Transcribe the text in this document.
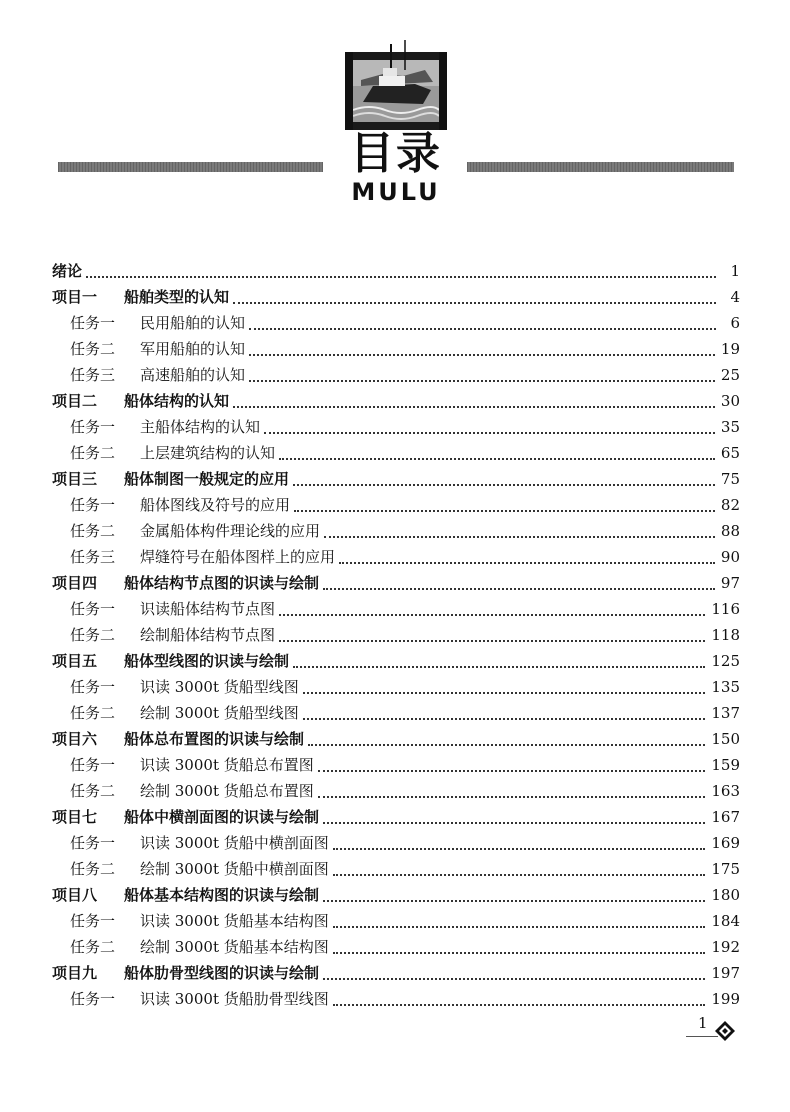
目录
MULU
绪论	1
项目一	船舶类型的认知	4
任务一	民用船舶的认知	6
任务二	军用船舶的认知	19
任务三	高速船舶的认知	25
项目二	船体结构的认知	30
任务一	主船体结构的认知	35
任务二	上层建筑结构的认知	65
项目三	船体制图一般规定的应用	75
任务一	船体图线及符号的应用	82
任务二	金属船体构件理论线的应用	88
任务三	焊缝符号在船体图样上的应用	90
项目四	船体结构节点图的识读与绘制	97
任务一	识读船体结构节点图	116
任务二	绘制船体结构节点图	118
项目五	船体型线图的识读与绘制	125
任务一	识读 3000t 货船型线图	135
任务二	绘制 3000t 货船型线图	137
项目六	船体总布置图的识读与绘制	150
任务一	识读 3000t 货船总布置图	159
任务二	绘制 3000t 货船总布置图	163
项目七	船体中横剖面图的识读与绘制	167
任务一	识读 3000t 货船中横剖面图	169
任务二	绘制 3000t 货船中横剖面图	175
项目八	船体基本结构图的识读与绘制	180
任务一	识读 3000t 货船基本结构图	184
任务二	绘制 3000t 货船基本结构图	192
项目九	船体肋骨型线图的识读与绘制	197
任务一	识读 3000t 货船肋骨型线图	199
1
